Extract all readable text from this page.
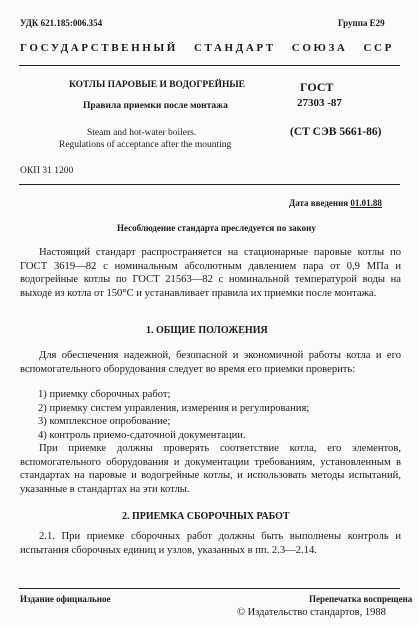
УДК 621.185:006.354	Группа Е29
ГОСУДАРСТВЕННЫЙ   СТАНДАРТ   СОЮЗА   ССР
КОТЛЫ ПАРОВЫЕ И ВОДОГРЕЙНЫЕ
Правила приемки после монтажа
Steam and hot-water boilers.
Regulations of acceptance after the mounting
ГОСТ
27303 -87
(СТ СЭВ 5661-86)
ОКП 31 1200
Дата введения 01.01.88
Несоблюдение стандарта преследуется по закону
Настоящий стандарт распространяется на стационарные паровые котлы по ГОСТ 3619—82 с номинальным абсолютным давлением пара от 0,9 МПа и водогрейные котлы по ГОСТ 21563—82 с номинальной температурой воды на выходе из котла от 150°С и устанавливает правила их приемки после монтажа.
1. ОБЩИЕ ПОЛОЖЕНИЯ
Для обеспечения надежной, безопасной и экономичной работы котла и его вспомогательного оборудования следует во время его приемки проверить:
1) приемку сборочных работ;
2) приемку систем управления, измерения и регулирования;
3) комплексное опробование;
4) контроль приемо-сдаточной документации.
При приемке должны проверять соответствие котла, его элементов, вспомогательного оборудования и документации требованиям, установленным в стандартах на паровые и водогрейные котлы, и использовать методы испытаний, указанные в стандартах на эти котлы.
2. ПРИЕМКА СБОРОЧНЫХ РАБОТ
2.1. При приемке сборочных работ должны быть выполнены контроль и испытания сборочных единиц и узлов, указанных в пп. 2.3—2.14.
Издание официальное	Перепечатка воспрещена
© Издательство стандартов, 1988
